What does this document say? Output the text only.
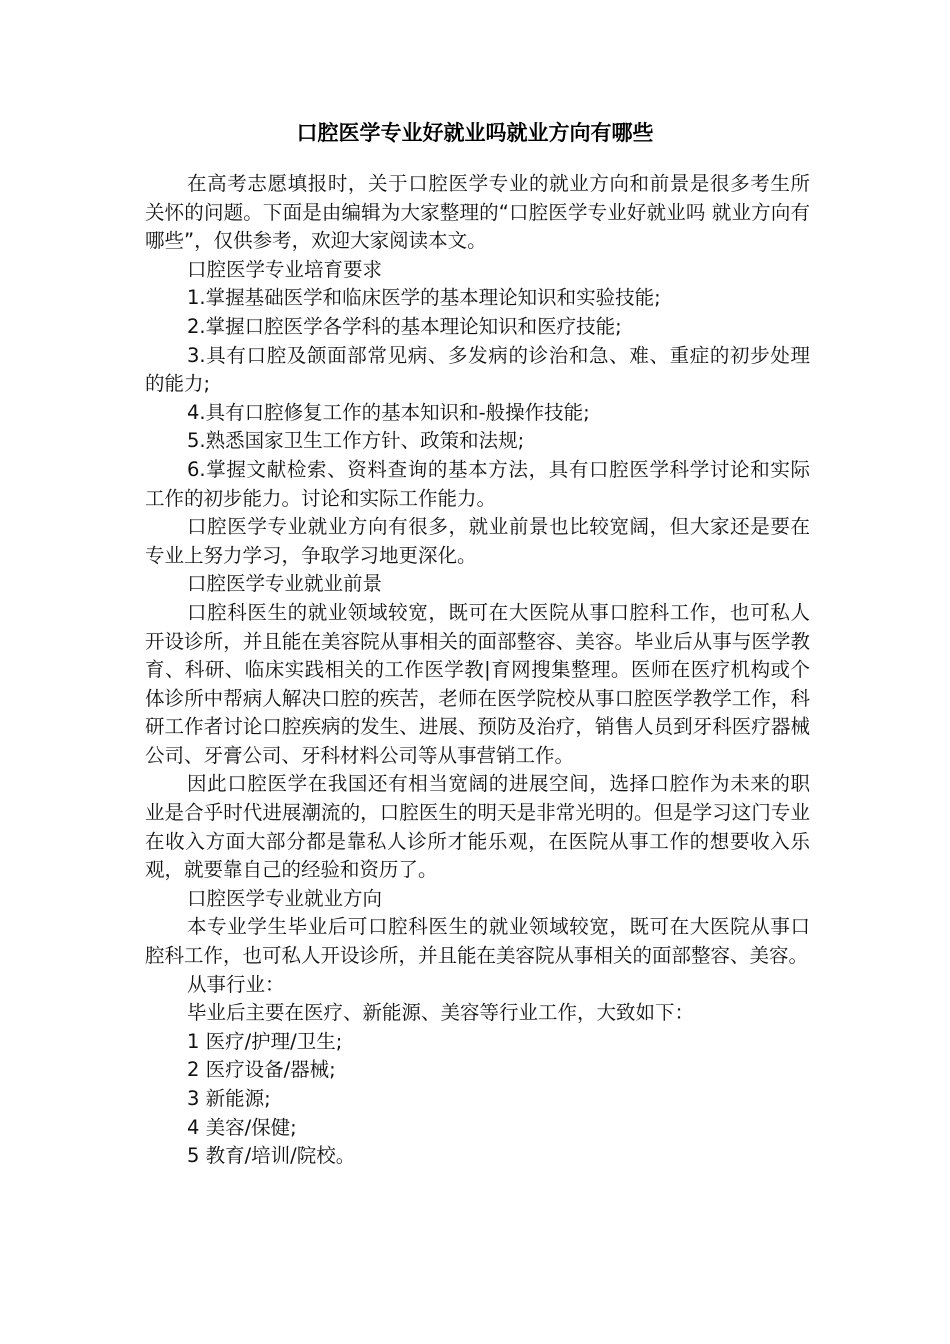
口腔医学专业好就业吗就业方向有哪些

在高考志愿填报时，关于口腔医学专业的就业方向和前景是很多考生所关怀的问题。下面是由编辑为大家整理的“口腔医学专业好就业吗 就业方向有哪些”，仅供参考，欢迎大家阅读本文。

口腔医学专业培育要求

1.掌握基础医学和临床医学的基本理论知识和实验技能;

2.掌握口腔医学各学科的基本理论知识和医疗技能;

3.具有口腔及颌面部常见病、多发病的诊治和急、难、重症的初步处理的能力;

4.具有口腔修复工作的基本知识和-般操作技能;

5.熟悉国家卫生工作方针、政策和法规;

6.掌握文献检索、资料查询的基本方法，具有口腔医学科学讨论和实际工作的初步能力。讨论和实际工作能力。

口腔医学专业就业方向有很多，就业前景也比较宽阔，但大家还是要在专业上努力学习，争取学习地更深化。

口腔医学专业就业前景

口腔科医生的就业领域较宽，既可在大医院从事口腔科工作，也可私人开设诊所，并且能在美容院从事相关的面部整容、美容。毕业后从事与医学教育、科研、临床实践相关的工作医学教|育网搜集整理。医师在医疗机构或个体诊所中帮病人解决口腔的疾苦，老师在医学院校从事口腔医学教学工作，科研工作者讨论口腔疾病的发生、进展、预防及治疗，销售人员到牙科医疗器械公司、牙膏公司、牙科材料公司等从事营销工作。

因此口腔医学在我国还有相当宽阔的进展空间，选择口腔作为未来的职业是合乎时代进展潮流的，口腔医生的明天是非常光明的。但是学习这门专业在收入方面大部分都是靠私人诊所才能乐观，在医院从事工作的想要收入乐观，就要靠自己的经验和资历了。

口腔医学专业就业方向

本专业学生毕业后可口腔科医生的就业领域较宽，既可在大医院从事口腔科工作，也可私人开设诊所，并且能在美容院从事相关的面部整容、美容。

从事行业：

毕业后主要在医疗、新能源、美容等行业工作，大致如下：

1 医疗/护理/卫生;

2 医疗设备/器械;

3 新能源;

4 美容/保健;

5 教育/培训/院校。
